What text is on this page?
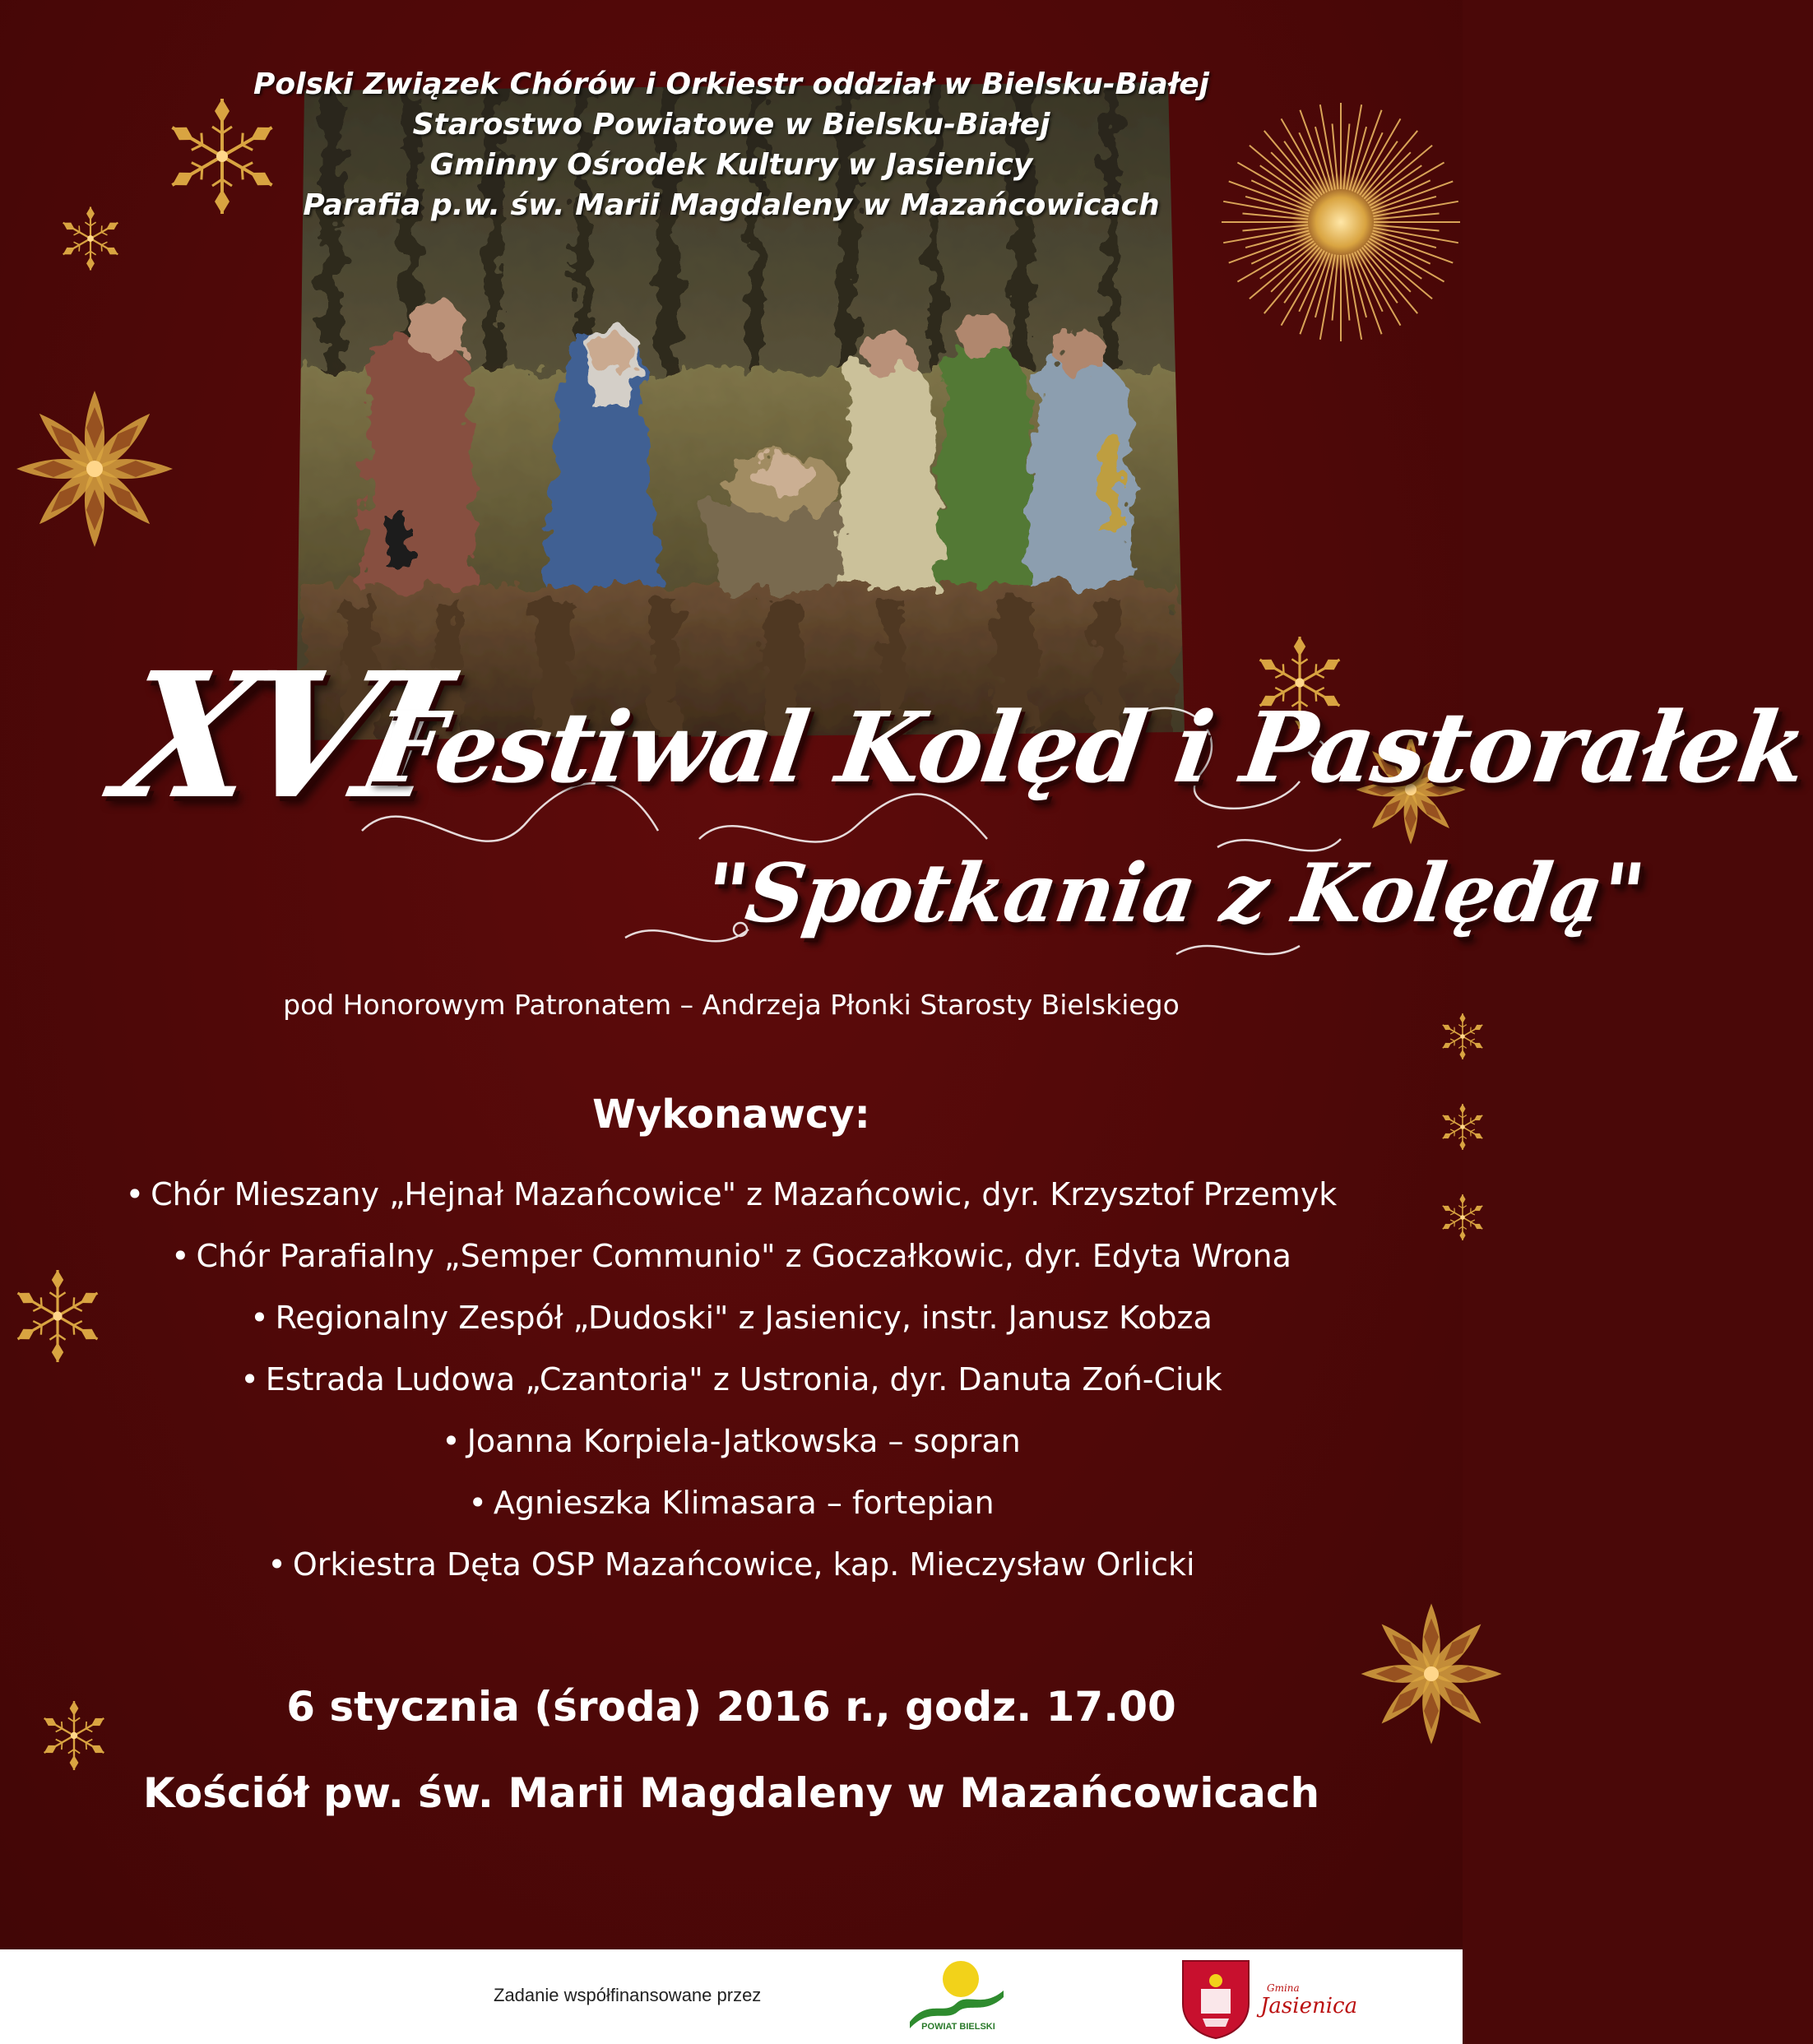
Polski Związek Chórów i Orkiestr oddział w Bielsku-Białej
Starostwo Powiatowe w Bielsku-Białej
Gminny Ośrodek Kultury w Jasienicy
Parafia p.w. św. Marii Magdaleny w Mazańcowicach
XVI
Festiwal Kolęd i Pastorałek
"Spotkania z Kolędą"
pod Honorowym Patronatem – Andrzeja Płonki Starosty Bielskiego
Wykonawcy:
• Chór Mieszany „Hejnał Mazańcowice" z Mazańcowic, dyr. Krzysztof Przemyk
• Chór Parafialny „Semper Communio" z Goczałkowic, dyr. Edyta Wrona
• Regionalny Zespół „Dudoski" z Jasienicy, instr. Janusz Kobza
• Estrada Ludowa „Czantoria" z Ustronia, dyr. Danuta Zoń-Ciuk
• Joanna Korpiela-Jatkowska – sopran
• Agnieszka Klimasara – fortepian
• Orkiestra Dęta OSP Mazańcowice, kap. Mieczysław Orlicki
6 stycznia (środa) 2016 r., godz. 17.00
Kościół pw. św. Marii Magdaleny w Mazańcowicach
Zadanie współfinansowane przez
POWIAT BIELSKI
Gmina
Jasienica
